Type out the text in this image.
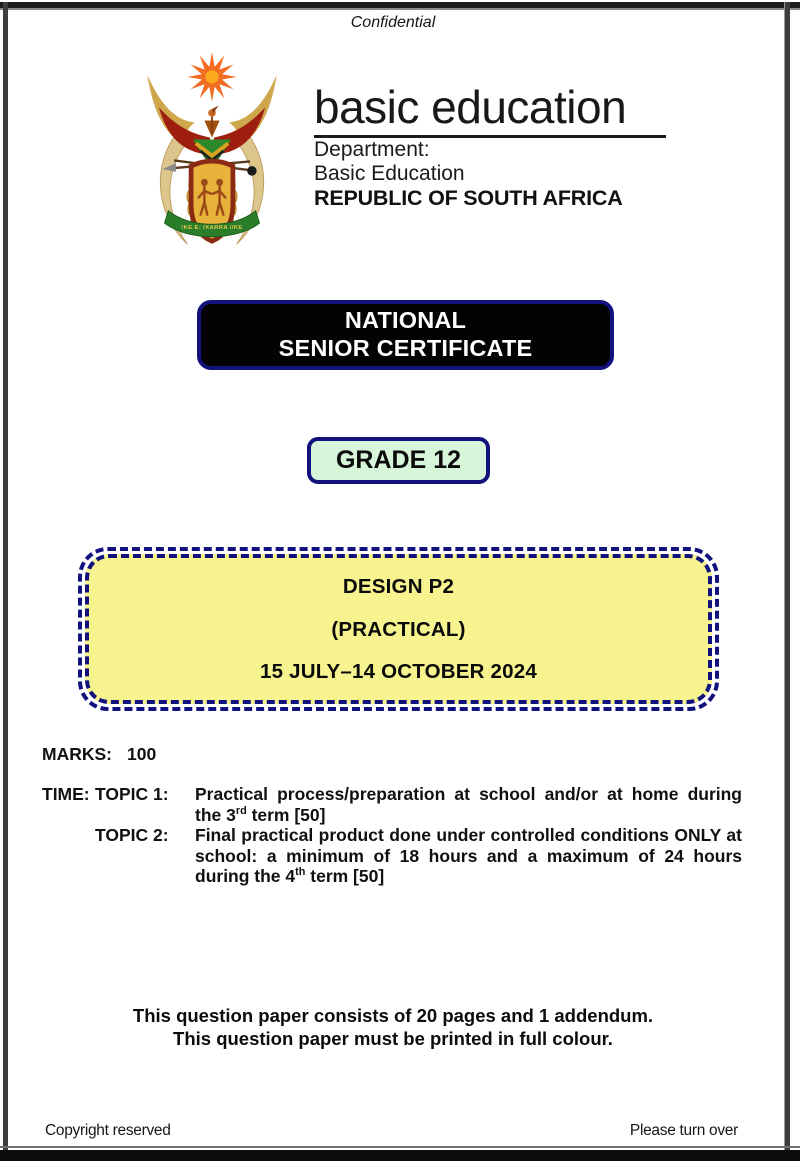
Confidential
!KE E: /XARRA //KE
basic education
Department:
Basic Education
REPUBLIC OF SOUTH AFRICA
NATIONAL
SENIOR CERTIFICATE
GRADE 12
DESIGN P2
(PRACTICAL)
15 JULY–14 OCTOBER 2024
MARKS: 100
TIME: TOPIC 1:	Practical process/preparation at school and/or at home during the 3rd term [50]
TOPIC 2:	Final practical product done under controlled conditions ONLY at school: a minimum of 18 hours and a maximum of 24 hours during the 4th term [50]
This question paper consists of 20 pages and 1 addendum.
This question paper must be printed in full colour.
Copyright reserved	Please turn over
